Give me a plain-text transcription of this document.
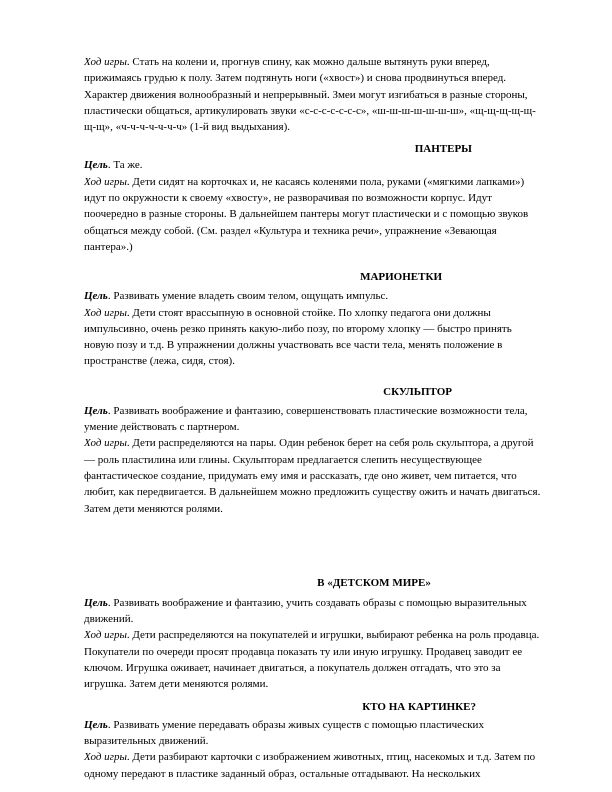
Ход игры. Стать на колени и, прогнув спину, как можно дальше вытянуть руки вперед, прижимаясь грудью к полу. Затем подтянуть ноги («хвост») и снова продвинуться вперед. Характер движения волнообразный и непрерывный. Змеи могут изгибаться в разные стороны, пластически общаться, артикулировать звуки «с-с-с-с-с-с-с», «ш-ш-ш-ш-ш-ш-ш», «щ-щ-щ-щ-щ-щ-щ», «ч-ч-ч-ч-ч-ч-ч» (1-й вид выдыхания).

ПАНТЕРЫ

Цель. Та же.

Ход игры. Дети сидят на корточках и, не касаясь коленями пола, руками («мягкими лапками») идут по окружности к своему «хвосту», не разворачивая по возможности корпус. Идут поочередно в разные стороны. В дальнейшем пантеры могут пластически и с помощью звуков общаться между собой. (См. раздел «Культура и техника речи», упражнение «Зевающая пантера».)

МАРИОНЕТКИ

Цель. Развивать умение владеть своим телом, ощущать импульс.

Ход игры. Дети стоят врассыпную в основной стойке. По хлопку педагога они должны импульсивно, очень резко принять какую-либо позу, по второму хлопку — быстро принять новую позу и т.д. В упражнении должны участвовать все части тела, менять положение в пространстве (лежа, сидя, стоя).

СКУЛЬПТОР

Цель. Развивать воображение и фантазию, совершенствовать пластические возможности тела, умение действовать с партнером.

Ход игры. Дети распределяются на пары. Один ребенок берет на себя роль скульптора, а другой — роль пластилина или глины. Скульпторам предлагается слепить несуществующее фантастическое создание, придумать ему имя и рассказать, где оно живет, чем питается, что любит, как передвигается. В дальнейшем можно предложить существу ожить и начать двигаться. Затем дети меняются ролями.

В «ДЕТСКОМ МИРЕ»

Цель. Развивать воображение и фантазию, учить создавать образы с помощью выразительных движений.

Ход игры. Дети распределяются на покупателей и игрушки, выбирают ребенка на роль продавца. Покупатели по очереди просят продавца показать ту или иную игрушку. Продавец заводит ее ключом. Игрушка оживает, начинает двигаться, а покупатель должен отгадать, что это за игрушка. Затем дети меняются ролями.

КТО НА КАРТИНКЕ?

Цель. Развивать умение передавать образы живых существ с помощью пластических выразительных движений.

Ход игры. Дети разбирают карточки с изображением животных, птиц, насекомых и т.д. Затем по одному передают в пластике заданный образ, остальные отгадывают. На нескольких
